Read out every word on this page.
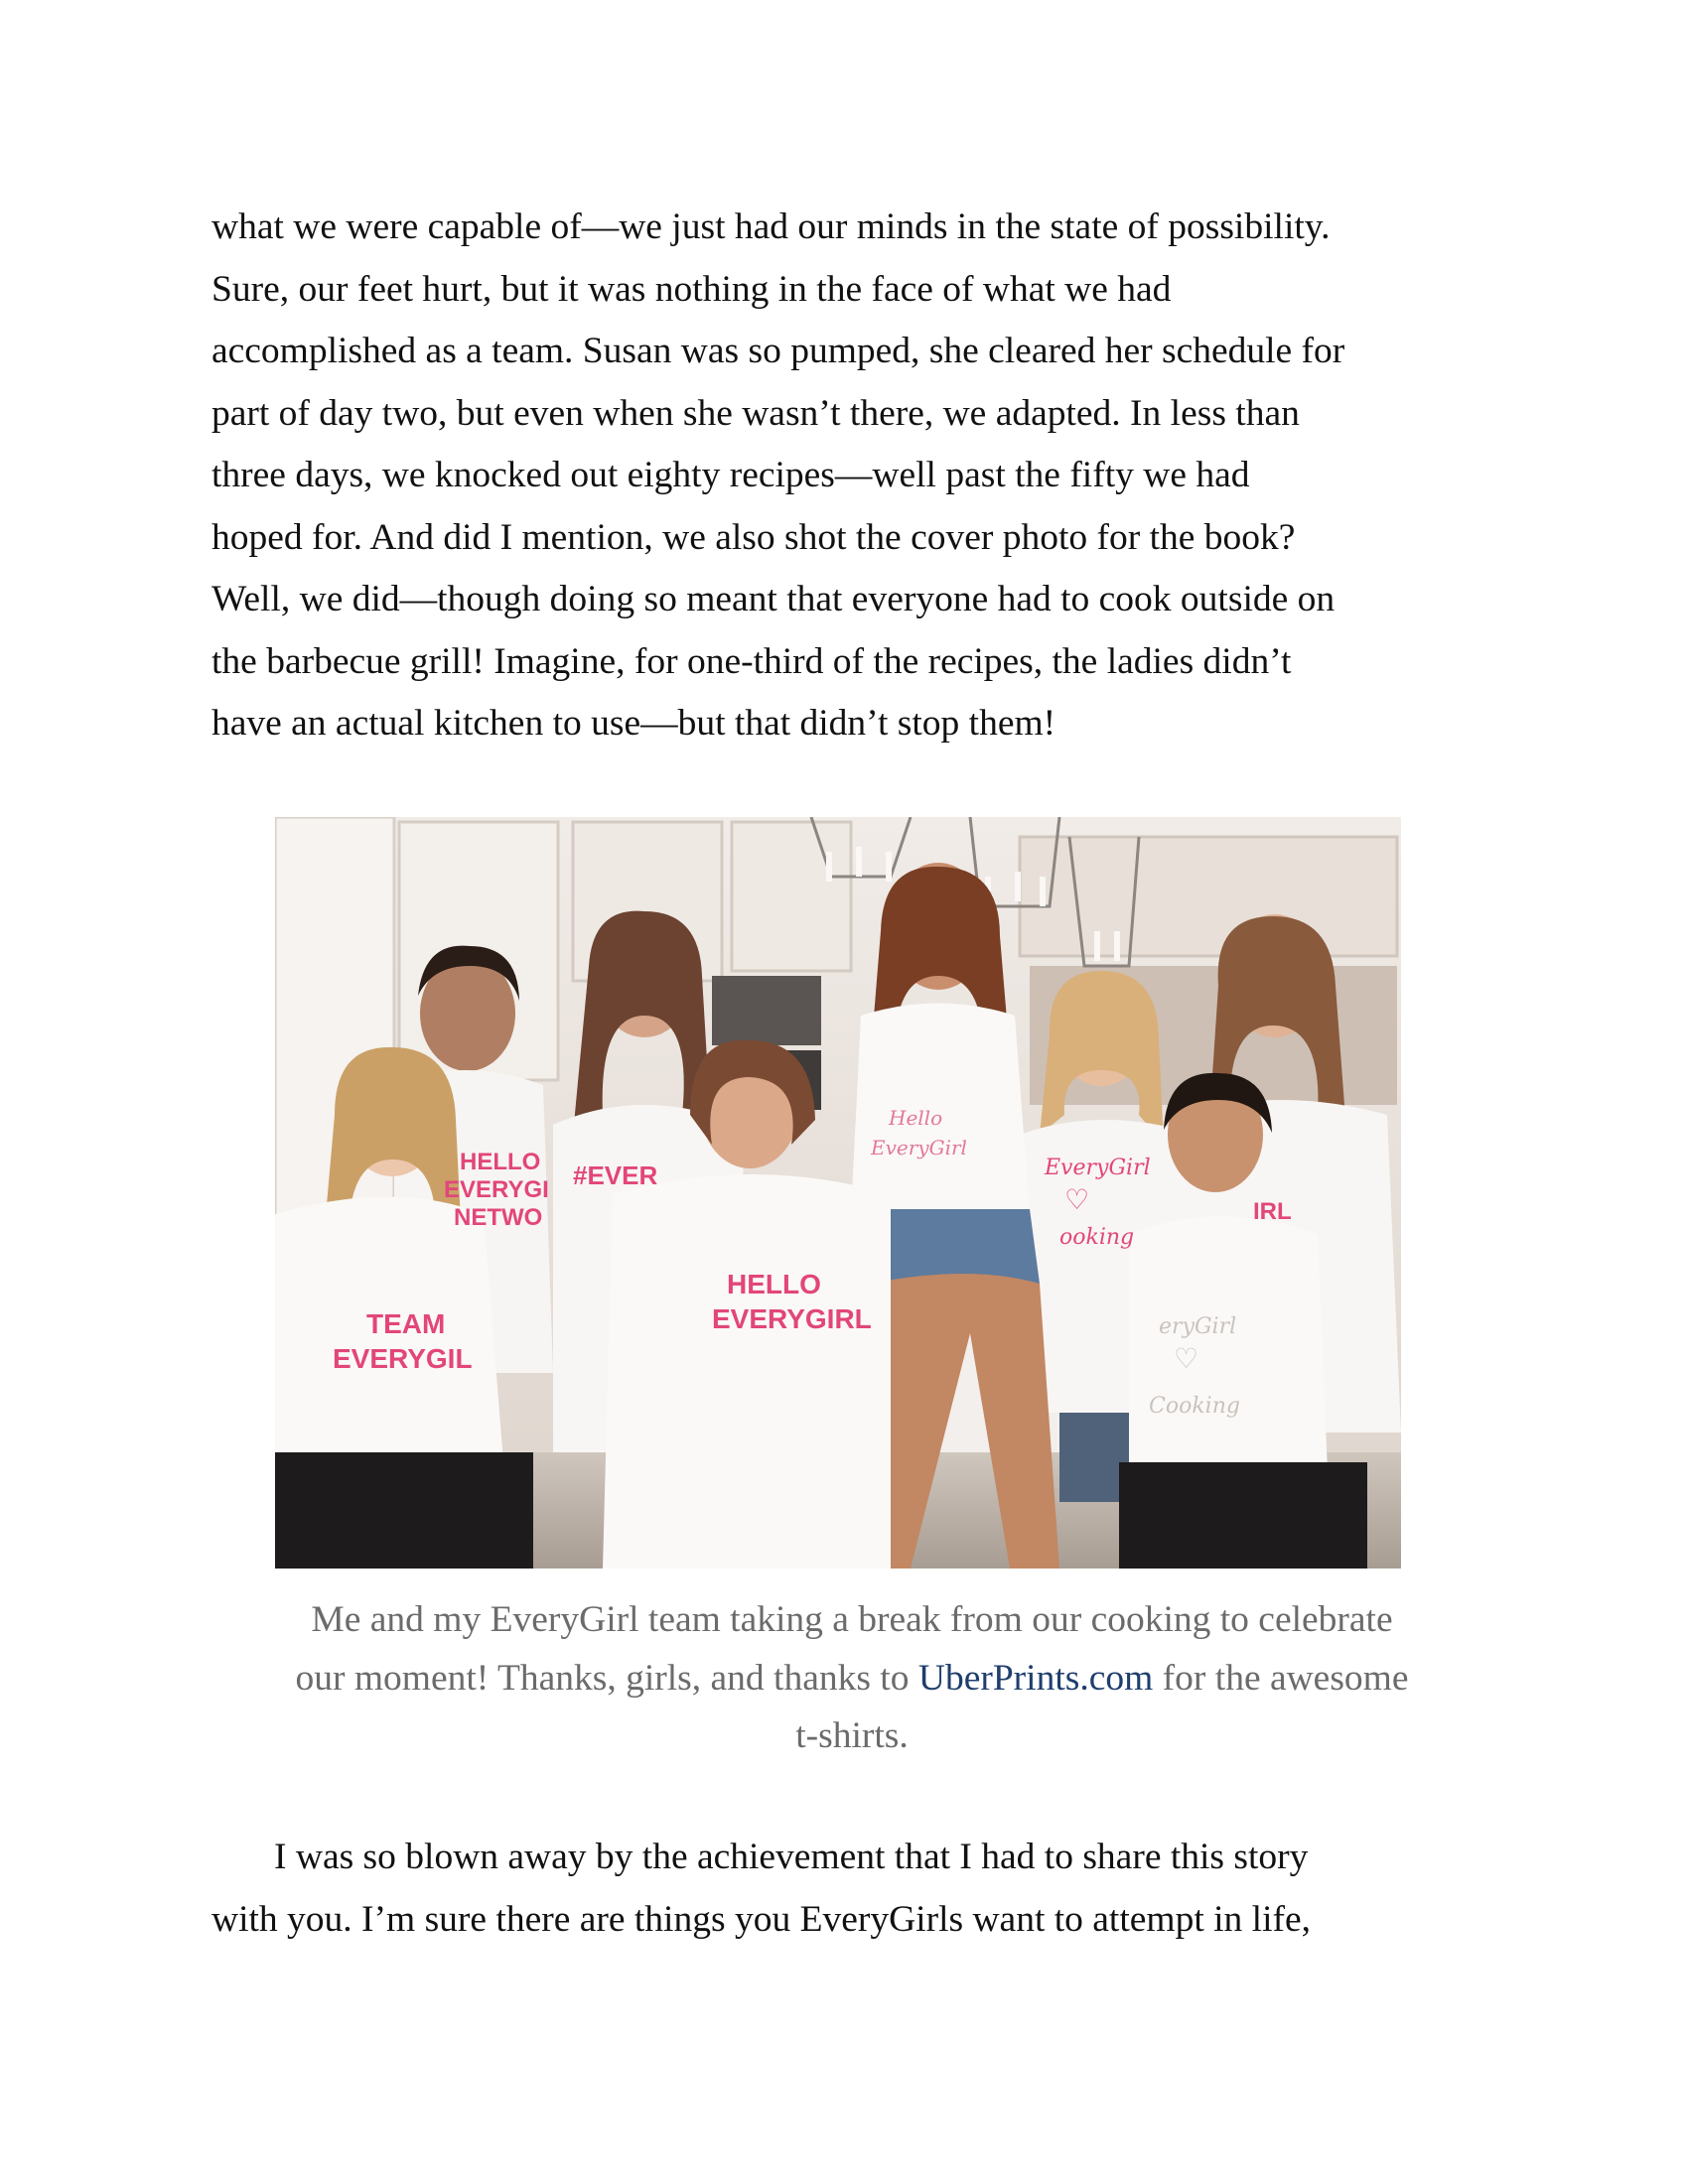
what we were capable of—we just had our minds in the state of possibility.
Sure, our feet hurt, but it was nothing in the face of what we had
accomplished as a team. Susan was so pumped, she cleared her schedule for
part of day two, but even when she wasn’t there, we adapted. In less than
three days, we knocked out eighty recipes—well past the fifty we had
hoped for. And did I mention, we also shot the cover photo for the book?
Well, we did—though doing so meant that everyone had to cook outside on
the barbecue grill! Imagine, for one-third of the recipes, the ladies didn’t
have an actual kitchen to use—but that didn’t stop them!

TEAM
EVERYGIL
HELLO
EVERYGI
NETWO
#EVER
HELLO
EVERYGIRL
IRL
Hello
EveryGirl
EveryGirl
♡
ooking
eryGirl
♡
Cooking

Me and my EveryGirl team taking a break from our cooking to celebrate
our moment! Thanks, girls, and thanks to UberPrints.com for the awesome
t-shirts.

I was so blown away by the achievement that I had to share this story
with you. I’m sure there are things you EveryGirls want to attempt in life,
